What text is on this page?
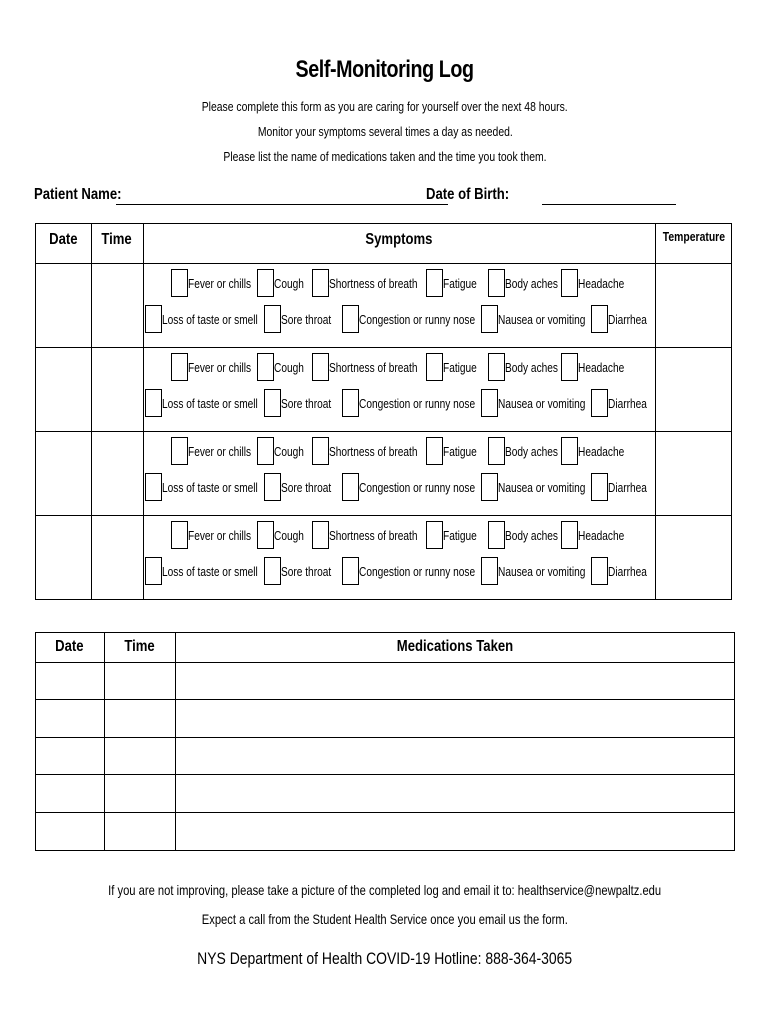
Self-Monitoring Log
Please complete this form as you are caring for yourself over the next 48 hours.
Monitor your symptoms several times a day as needed.
Please list the name of medications taken and the time you took them.
Patient Name:	Date of Birth:
Date	Time	Symptoms	Temperature
Fever or chills	Cough	Shortness of breath	Fatigue	Body aches	Headache
Loss of taste or smell	Sore throat	Congestion or runny nose	Nausea or vomiting	Diarrhea
Fever or chills	Cough	Shortness of breath	Fatigue	Body aches	Headache
Loss of taste or smell	Sore throat	Congestion or runny nose	Nausea or vomiting	Diarrhea
Fever or chills	Cough	Shortness of breath	Fatigue	Body aches	Headache
Loss of taste or smell	Sore throat	Congestion or runny nose	Nausea or vomiting	Diarrhea
Fever or chills	Cough	Shortness of breath	Fatigue	Body aches	Headache
Loss of taste or smell	Sore throat	Congestion or runny nose	Nausea or vomiting	Diarrhea
Date	Time	Medications Taken
If you are not improving, please take a picture of the completed log and email it to: healthservice@newpaltz.edu
Expect a call from the Student Health Service once you email us the form.
NYS Department of Health COVID-19 Hotline: 888-364-3065
